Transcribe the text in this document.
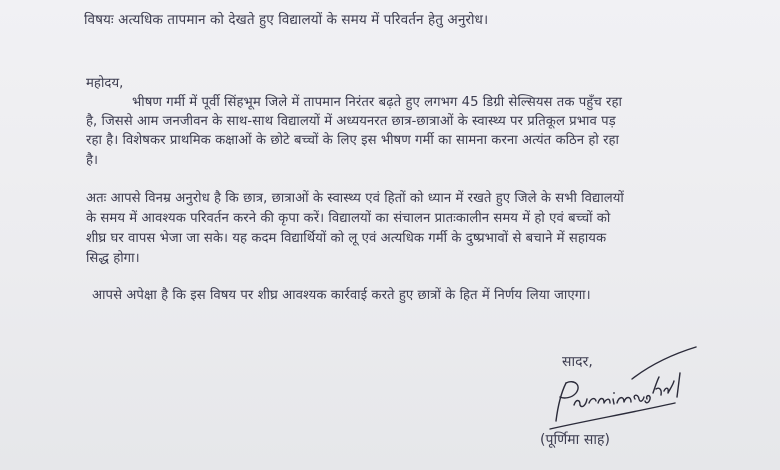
विषयः अत्यधिक तापमान को देखते हुए विद्यालयों के समय में परिवर्तन हेतु अनुरोध।
महोदय,
भीषण गर्मी में पूर्वी सिंहभूम जिले में तापमान निरंतर बढ़ते हुए लगभग 45 डिग्री सेल्सियस तक पहुँच रहा
है, जिससे आम जनजीवन के साथ-साथ विद्यालयों में अध्ययनरत छात्र-छात्राओं के स्वास्थ्य पर प्रतिकूल प्रभाव पड़
रहा है। विशेषकर प्राथमिक कक्षाओं के छोटे बच्चों के लिए इस भीषण गर्मी का सामना करना अत्यंत कठिन हो रहा
है।
अतः आपसे विनम्र अनुरोध है कि छात्र, छात्राओं के स्वास्थ्य एवं हितों को ध्यान में रखते हुए जिले के सभी विद्यालयों
के समय में आवश्यक परिवर्तन करने की कृपा करें। विद्यालयों का संचालन प्रातःकालीन समय में हो एवं बच्चों को
शीघ्र घर वापस भेजा जा सके। यह कदम विद्यार्थियों को लू एवं अत्यधिक गर्मी के दुष्प्रभावों से बचाने में सहायक
सिद्ध होगा।
आपसे अपेक्षा है कि इस विषय पर शीघ्र आवश्यक कार्रवाई करते हुए छात्रों के हित में निर्णय लिया जाएगा।
सादर,
(पूर्णिमा साह)
